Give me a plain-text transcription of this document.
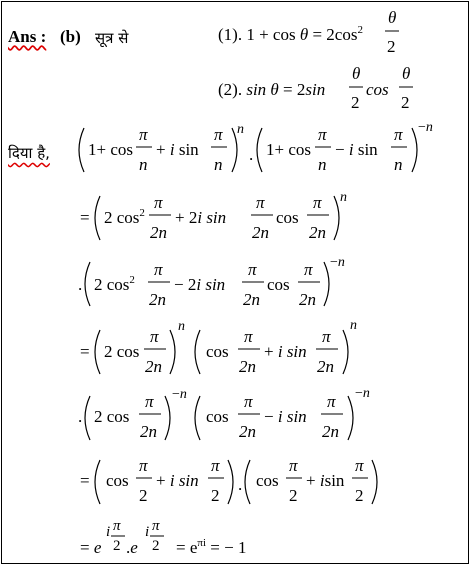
Ans : (b) सूत्र से
दिया है,
(1). $1 + \cos \theta = 2\cos^2$
θ
2
(2). sin θ = 2sin
θ
2
cos
θ
2
1+ cos
π
n
+ i sin
π
n
n
. 1+ cos
π
n
− i sin
π
n
−n
= 2 $\cos^2$
π
2n
+ 2i sin
π
2n
cos
π
2n
n
. 2 $\cos^2$
π
2n
− 2i sin
π
2n
cos
π
2n
−n
= 2 cos
π
2n
n
cos
π
2n
+ i sin
π
2n
n
. 2 cos
π
2n
−n
cos
π
2n
− i sin
π
2n
−n
= cos
π
2
+ i sin
π
2
. cos
π
2
+ isin
π
2
= e
i π
2 .e
i π
$2 = e^{\pi i}$ = − 1
